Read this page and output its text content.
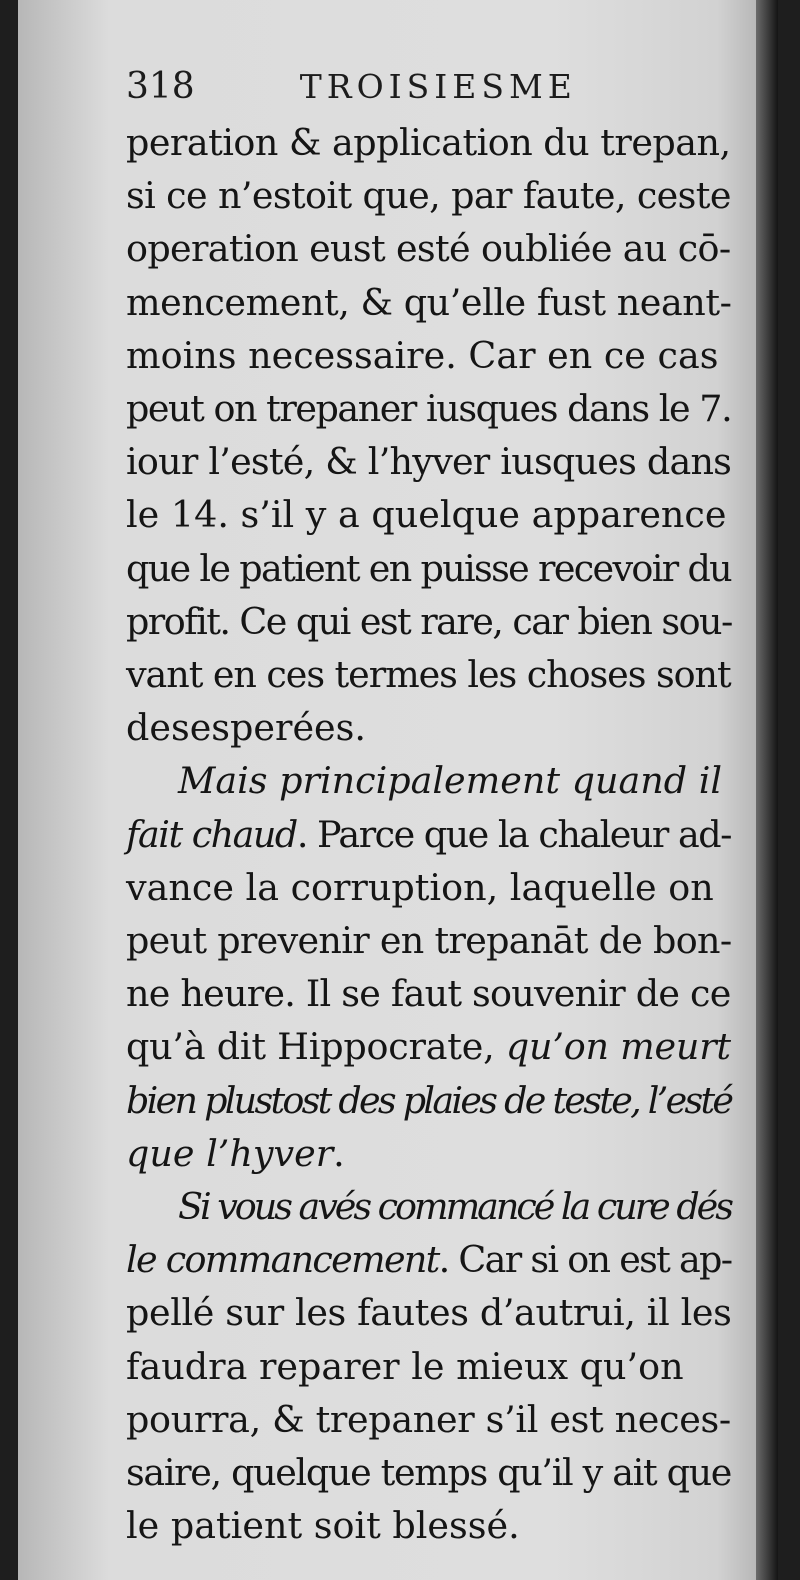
318	TROISIESME

peration & application du trepan,
si ce n’estoit que, par faute, ceste
operation eust esté oubliée au cō-
mencement, & qu’elle fust neant-
moins necessaire. Car en ce cas
peut on trepaner iusques dans le 7.
iour l’esté, & l’hyver iusques dans
le 14. s’il y a quelque apparence
que le patient en puisse recevoir du
profit. Ce qui est rare, car bien sou-
vant en ces termes les choses sont
desesperées.

Mais principalement quand il
fait chaud. Parce que la chaleur ad-
vance la corruption, laquelle on
peut prevenir en trepanāt de bon-
ne heure. Il se faut souvenir de ce
qu’à dit Hippocrate, qu’on meurt
bien plustost des plaies de teste, l’esté
que l’hyver.

Si vous avés commancé la cure dés
le commancement. Car si on est ap-
pellé sur les fautes d’autrui, il les
faudra reparer le mieux qu’on
pourra, & trepaner s’il est neces-
saire, quelque temps qu’il y ait que
le patient soit blessé.
